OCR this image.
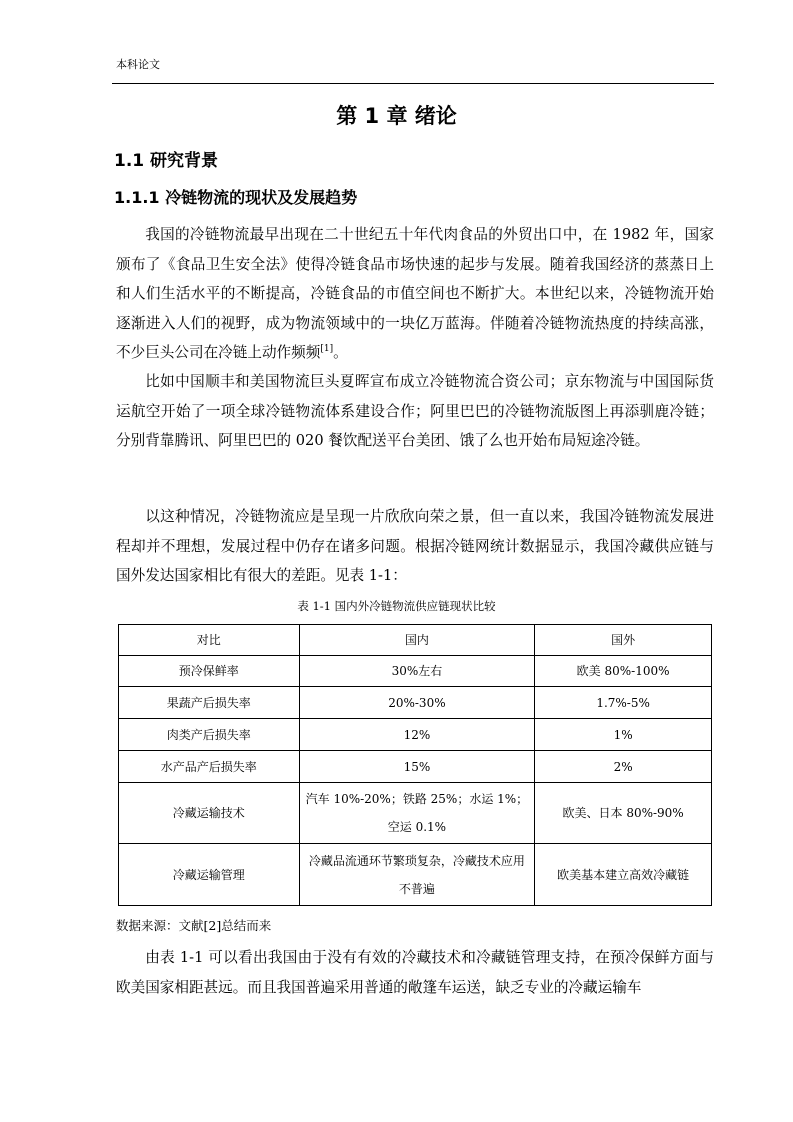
本科论文
第 1 章 绪论
1.1 研究背景
1.1.1 冷链物流的现状及发展趋势

我国的冷链物流最早出现在二十世纪五十年代肉食品的外贸出口中，在 1982 年，国家颁布了《食品卫生安全法》使得冷链食品市场快速的起步与发展。随着我国经济的蒸蒸日上和人们生活水平的不断提高，冷链食品的市值空间也不断扩大。本世纪以来，冷链物流开始逐渐进入人们的视野，成为物流领域中的一块亿万蓝海。伴随着冷链物流热度的持续高涨，不少巨头公司在冷链上动作频频[1]。

比如中国顺丰和美国物流巨头夏晖宣布成立冷链物流合资公司；京东物流与中国国际货运航空开始了一项全球冷链物流体系建设合作；阿里巴巴的冷链物流版图上再添驯鹿冷链；分别背靠腾讯、阿里巴巴的 020 餐饮配送平台美团、饿了么也开始布局短途冷链。

以这种情况，冷链物流应是呈现一片欣欣向荣之景，但一直以来，我国冷链物流发展进程却并不理想，发展过程中仍存在诸多问题。根据冷链网统计数据显示，我国冷藏供应链与国外发达国家相比有很大的差距。见表 1-1：

表 1-1 国内外冷链物流供应链现状比较
对比	国内	国外
预冷保鲜率	30%左右	欧美 80%-100%
果蔬产后损失率	20%-30%	1.7%-5%
肉类产后损失率	12%	1%
水产品产后损失率	15%	2%
冷藏运输技术	汽车 10%-20%；铁路 25%；水运 1%；空运 0.1%	欧美、日本 80%-90%
冷藏运输管理	冷藏品流通环节繁琐复杂，冷藏技术应用不普遍	欧美基本建立高效冷藏链
数据来源：文献[2]总结而来

由表 1-1 可以看出我国由于没有有效的冷藏技术和冷藏链管理支持，在预冷保鲜方面与欧美国家相距甚远。而且我国普遍采用普通的敞篷车运送，缺乏专业的冷藏运输车
